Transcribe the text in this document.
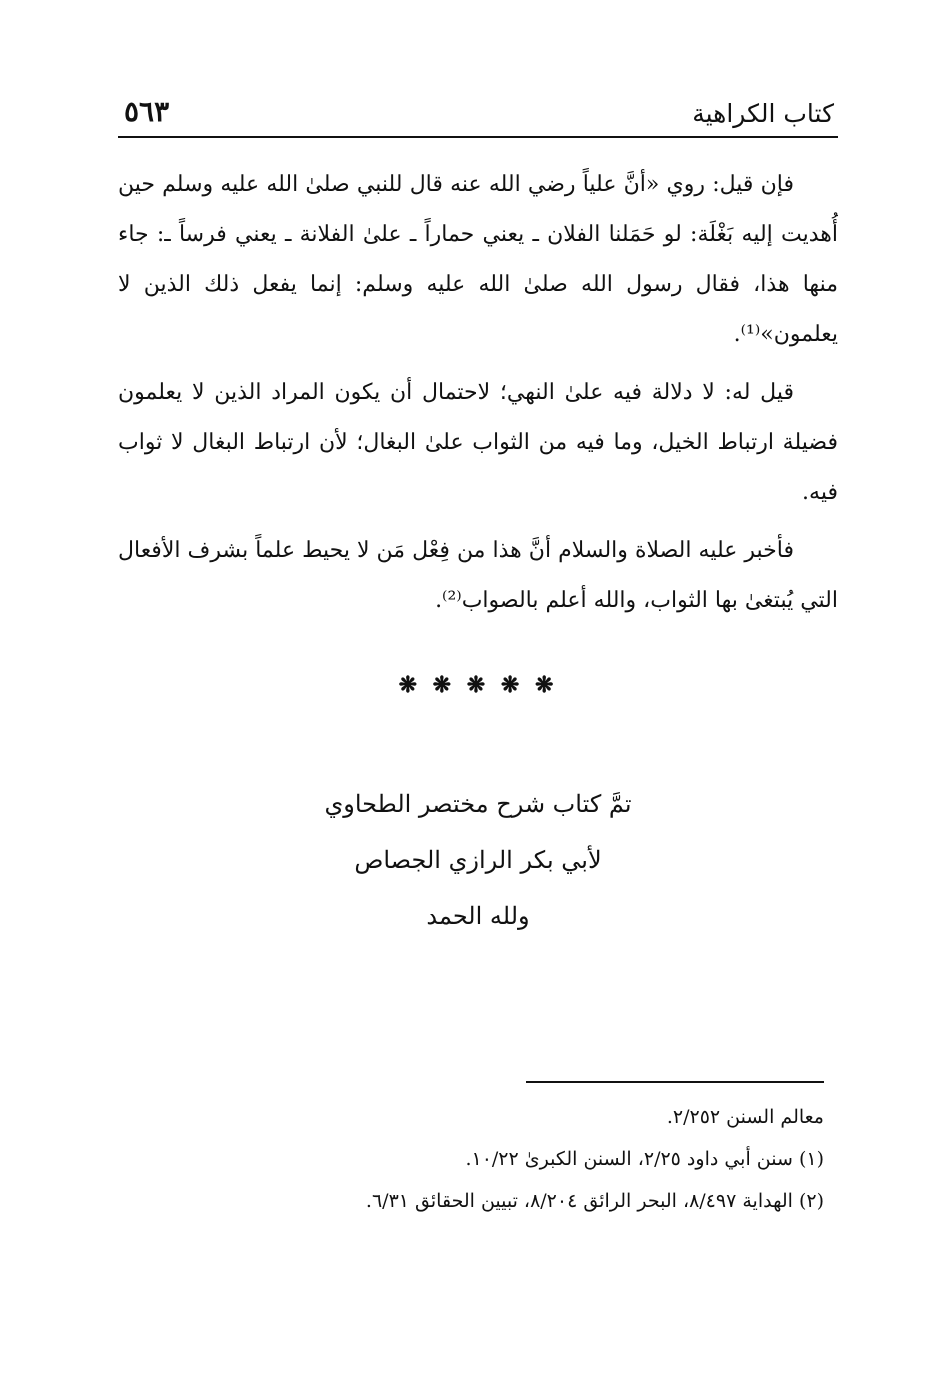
كتاب الكراهية
٥٦٣

فإن قيل: روي «أنَّ علياً رضي الله عنه قال للنبي صلىٰ الله عليه وسلم حين أُهديت إليه بَغْلَة: لو حَمَلنا الفلان ـ يعني حماراً ـ علىٰ الفلانة ـ يعني فرساً ـ: جاء منها هذا، فقال رسول الله صلىٰ الله عليه وسلم: إنما يفعل ذلك الذين لا يعلمون»⁽¹⁾.

قيل له: لا دلالة فيه علىٰ النهي؛ لاحتمال أن يكون المراد الذين لا يعلمون فضيلة ارتباط الخيل، وما فيه من الثواب علىٰ البغال؛ لأن ارتباط البغال لا ثواب فيه.

فأخبر عليه الصلاة والسلام أنَّ هذا من فِعْل مَن لا يحيط علماً بشرف الأفعال التي يُبتغىٰ بها الثواب، والله أعلم بالصواب⁽²⁾.

❋ ❋ ❋ ❋ ❋
تمَّ كتاب شرح مختصر الطحاوي
لأبي بكر الرازي الجصاص
ولله الحمد
معالم السنن ٢/٢٥٢.
(١) سنن أبي داود ٢/٢٥، السنن الكبرىٰ ١٠/٢٢.
(٢) الهداية ٨/٤٩٧، البحر الرائق ٨/٢٠٤، تبيين الحقائق ٦/٣١.
